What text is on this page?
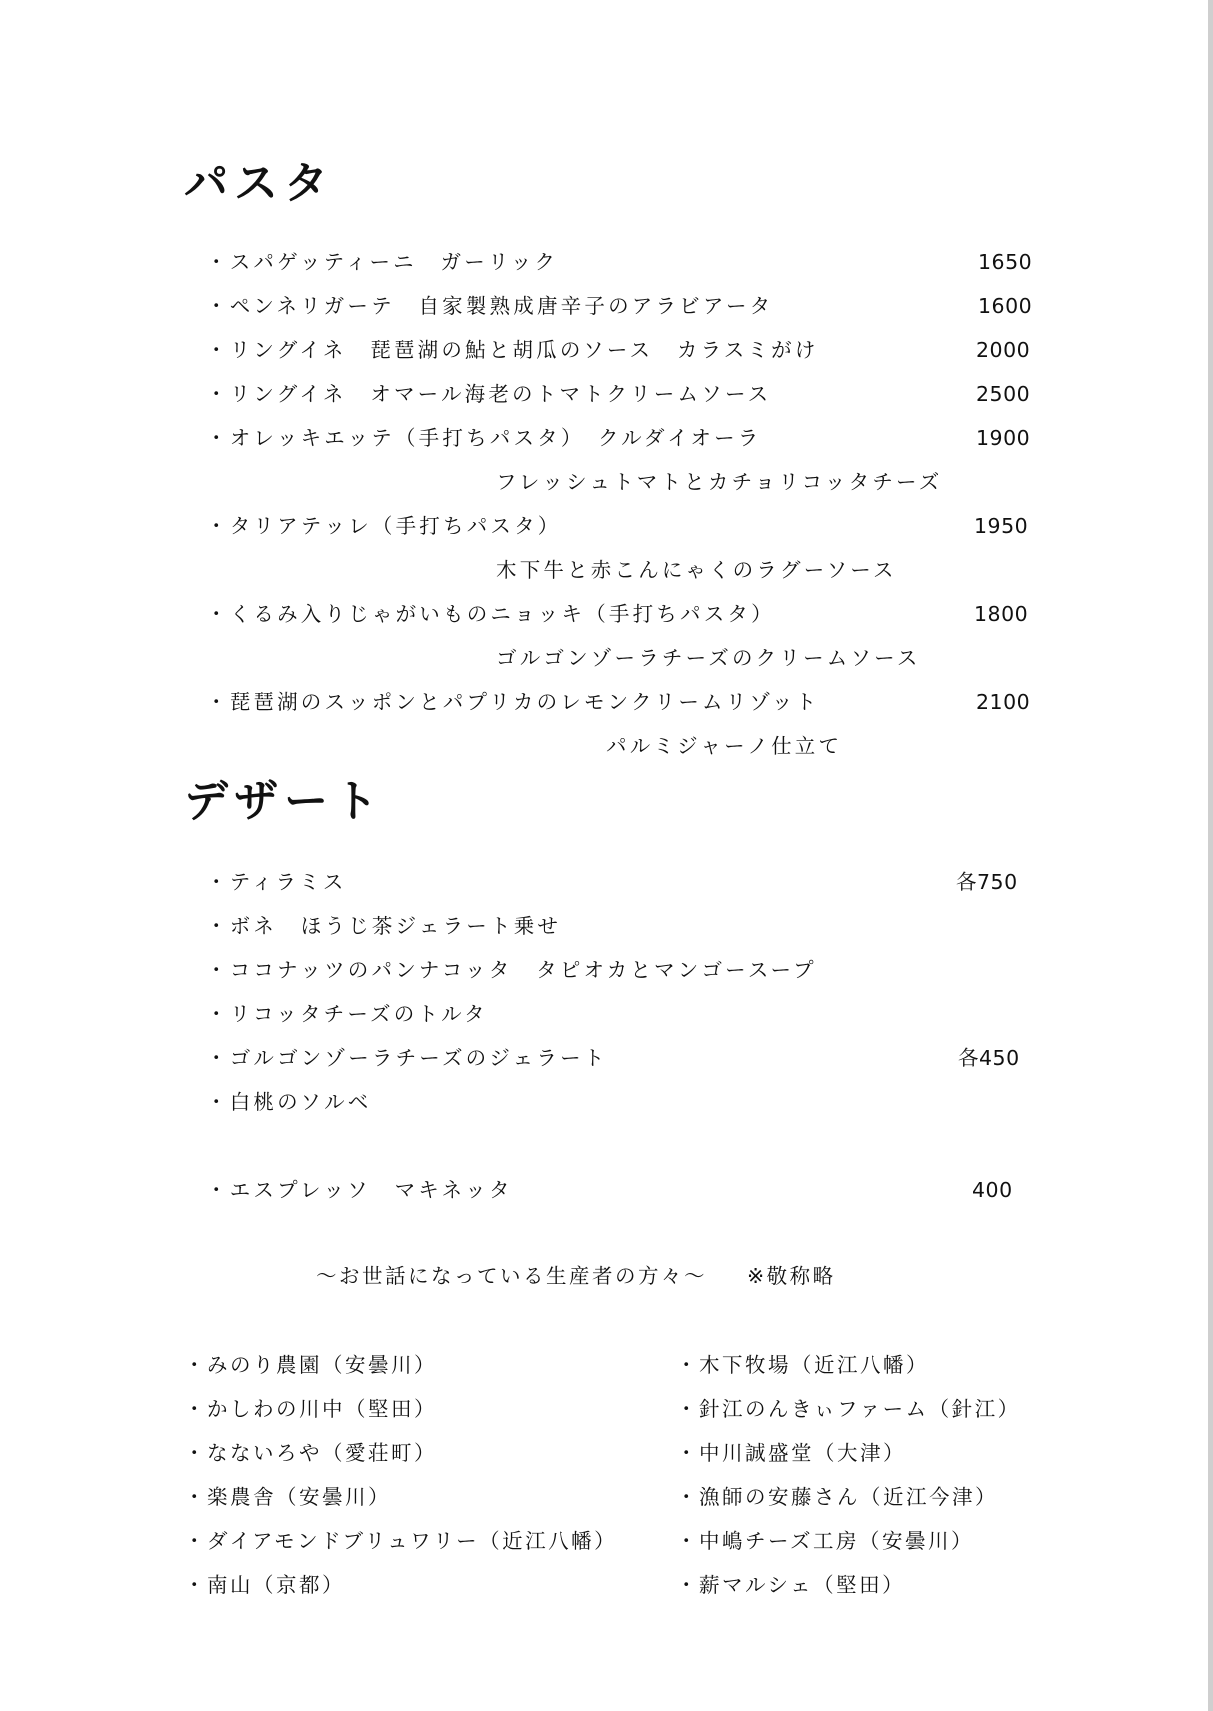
パスタ
・スパゲッティーニ　ガーリック	1650
・ペンネリガーテ　自家製熟成唐辛子のアラビアータ	1600
・リングイネ　琵琶湖の鮎と胡瓜のソース　カラスミがけ	2000
・リングイネ　オマール海老のトマトクリームソース	2500
・オレッキエッテ（手打ちパスタ）　クルダイオーラ	1900
フレッシュトマトとカチョリコッタチーズ
・タリアテッレ（手打ちパスタ）	1950
木下牛と赤こんにゃくのラグーソース
・くるみ入りじゃがいものニョッキ（手打ちパスタ）	1800
ゴルゴンゾーラチーズのクリームソース
・琵琶湖のスッポンとパプリカのレモンクリームリゾット	2100
パルミジャーノ仕立て
デザート
・ティラミス	各750
・ボネ　ほうじ茶ジェラート乗せ
・ココナッツのパンナコッタ　タピオカとマンゴースープ
・リコッタチーズのトルタ
・ゴルゴンゾーラチーズのジェラート	各450
・白桃のソルベ
・エスプレッソ　マキネッタ	400
～お世話になっている生産者の方々～ ※敬称略
・みのり農園（安曇川）
・かしわの川中（堅田）
・なないろや（愛荘町）
・楽農舎（安曇川）
・ダイアモンドブリュワリー（近江八幡）
・南山（京都）
・木下牧場（近江八幡）
・針江のんきぃファーム（針江）
・中川誠盛堂（大津）
・漁師の安藤さん（近江今津）
・中嶋チーズ工房（安曇川）
・薪マルシェ（堅田）
